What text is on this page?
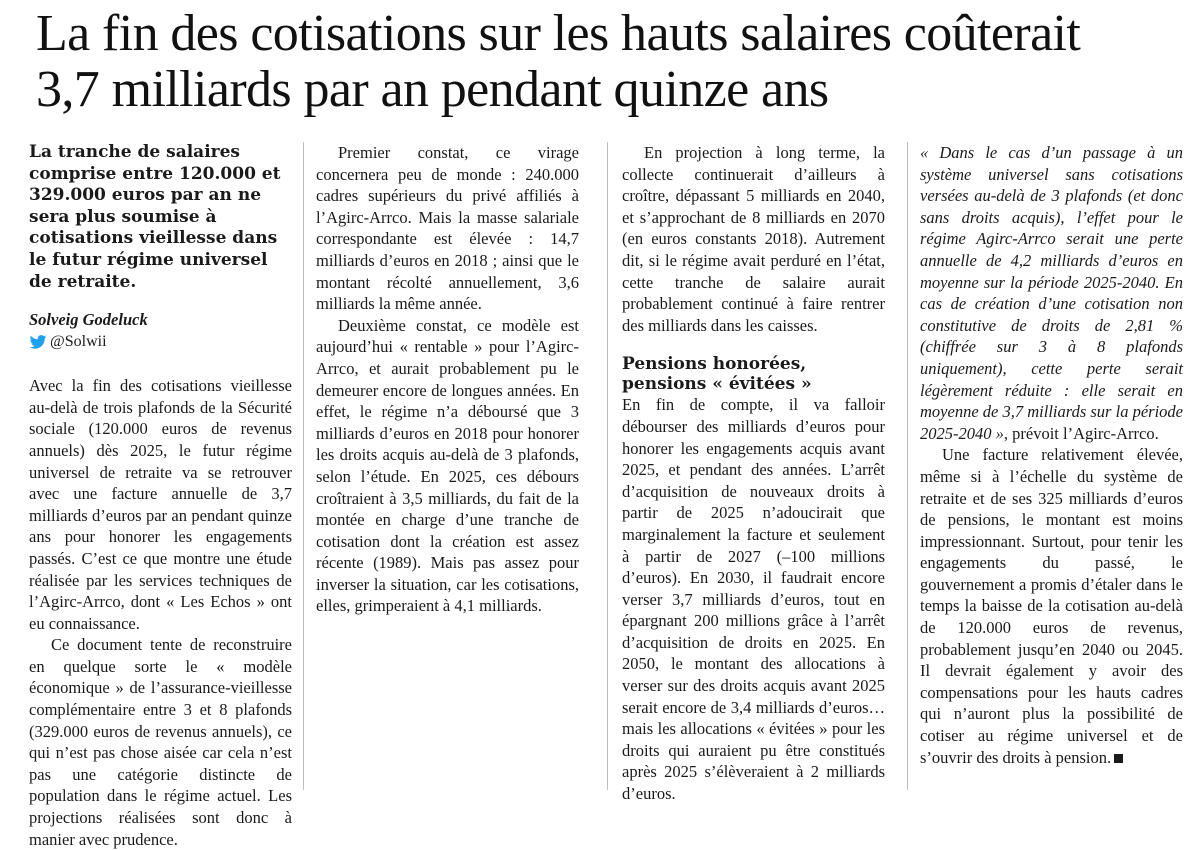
La fin des cotisations sur les hauts salaires coûterait
3,7 milliards par an pendant quinze ans

La tranche de salaires comprise entre 120.000 et 329.000 euros par an ne sera plus soumise à cotisations vieillesse dans le futur régime universel de retraite.

Solveig Godeluck
@Solwii

Avec la fin des cotisations vieillesse au-delà de trois plafonds de la Sécurité sociale (120.000 euros de revenus annuels) dès 2025, le futur régime universel de retraite va se retrouver avec une facture annuelle de 3,7 milliards d’euros par an pendant quinze ans pour honorer les engagements passés. C’est ce que montre une étude réalisée par les services techniques de l’Agirc-Arrco, dont « Les Echos » ont eu connaissance.

Ce document tente de reconstruire en quelque sorte le « modèle économique » de l’assurance-vieillesse complémentaire entre 3 et 8 plafonds (329.000 euros de revenus annuels), ce qui n’est pas chose aisée car cela n’est pas une catégorie distincte de population dans le régime actuel. Les projections réalisées sont donc à manier avec prudence.

Premier constat, ce virage concernera peu de monde : 240.000 cadres supérieurs du privé affiliés à l’Agirc-Arrco. Mais la masse salariale correspondante est élevée : 14,7 milliards d’euros en 2018 ; ainsi que le montant récolté annuellement, 3,6 milliards la même année.

Deuxième constat, ce modèle est aujourd’hui « rentable » pour l’Agirc-Arrco, et aurait probablement pu le demeurer encore de longues années. En effet, le régime n’a déboursé que 3 milliards d’euros en 2018 pour honorer les droits acquis au-delà de 3 plafonds, selon l’étude. En 2025, ces débours croîtraient à 3,5 milliards, du fait de la montée en charge d’une tranche de cotisation dont la création est assez récente (1989). Mais pas assez pour inverser la situation, car les cotisations, elles, grimperaient à 4,1 milliards.

En projection à long terme, la collecte continuerait d’ailleurs à croître, dépassant 5 milliards en 2040, et s’approchant de 8 milliards en 2070 (en euros constants 2018). Autrement dit, si le régime avait perduré en l’état, cette tranche de salaire aurait probablement continué à faire rentrer des milliards dans les caisses.

Pensions honorées, pensions « évitées »

En fin de compte, il va falloir débourser des milliards d’euros pour honorer les engagements acquis avant 2025, et pendant des années. L’arrêt d’acquisition de nouveaux droits à partir de 2025 n’adoucirait que marginalement la facture et seulement à partir de 2027 (–100 millions d’euros). En 2030, il faudrait encore verser 3,7 milliards d’euros, tout en épargnant 200 millions grâce à l’arrêt d’acquisition de droits en 2025. En 2050, le montant des allocations à verser sur des droits acquis avant 2025 serait encore de 3,4 milliards d’euros… mais les allocations « évitées » pour les droits qui auraient pu être constitués après 2025 s’élèveraient à 2 milliards d’euros.

« Dans le cas d’un passage à un système universel sans cotisations versées au-delà de 3 plafonds (et donc sans droits acquis), l’effet pour le régime Agirc-Arrco serait une perte annuelle de 4,2 milliards d’euros en moyenne sur la période 2025-2040. En cas de création d’une cotisation non constitutive de droits de 2,81 % (chiffrée sur 3 à 8 plafonds uniquement), cette perte serait légèrement réduite : elle serait en moyenne de 3,7 milliards sur la période 2025-2040 », prévoit l’Agirc-Arrco.

Une facture relativement élevée, même si à l’échelle du système de retraite et de ses 325 milliards d’euros de pensions, le montant est moins impressionnant. Surtout, pour tenir les engagements du passé, le gouvernement a promis d’étaler dans le temps la baisse de la cotisation au-delà de 120.000 euros de revenus, probablement jusqu’en 2040 ou 2045. Il devrait également y avoir des compensations pour les hauts cadres qui n’auront plus la possibilité de cotiser au régime universel et de s’ouvrir des droits à pension.
